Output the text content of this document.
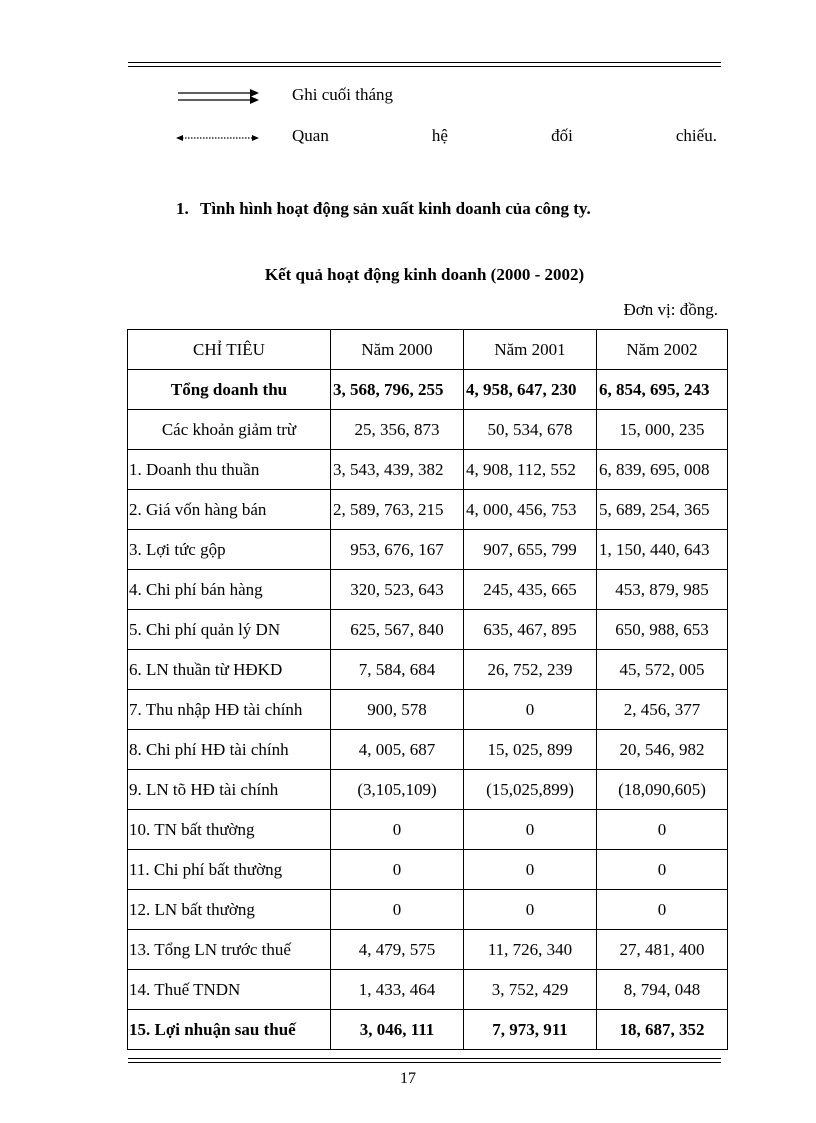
Ghi cuối tháng
Quan	hệ	đối	chiếu.
1. Tình hình hoạt động sản xuất kinh doanh của công ty.
Kết quả hoạt động kinh doanh (2000 - 2002)
Đơn vị: đồng.
CHỈ TIÊU	Năm 2000	Năm 2001	Năm 2002
Tổng doanh thu	3, 568, 796, 255	4, 958, 647, 230	6, 854, 695, 243
Các khoản giảm trừ	25, 356, 873	50, 534, 678	15, 000, 235
1. Doanh thu thuần	3, 543, 439, 382	4, 908, 112, 552	6, 839, 695, 008
2. Giá vốn hàng bán	2, 589, 763, 215	4, 000, 456, 753	5, 689, 254, 365
3. Lợi tức gộp	953, 676, 167	907, 655, 799	1, 150, 440, 643
4. Chi phí bán hàng	320, 523, 643	245, 435, 665	453, 879, 985
5. Chi phí quản lý DN	625, 567, 840	635, 467, 895	650, 988, 653
6. LN thuần từ HĐKD	7, 584, 684	26, 752, 239	45, 572, 005
7. Thu nhập HĐ tài chính	900, 578	0	2, 456, 377
8. Chi phí HĐ tài chính	4, 005, 687	15, 025, 899	20, 546, 982
9. LN tõ HĐ tài chính	(3,105,109)	(15,025,899)	(18,090,605)
10. TN bất thường	0	0	0
11. Chi phí bất thường	0	0	0
12. LN bất thường	0	0	0
13. Tổng LN trước thuế	4, 479, 575	11, 726, 340	27, 481, 400
14. Thuế TNDN	1, 433, 464	3, 752, 429	8, 794, 048
15. Lợi nhuận sau thuế	3, 046, 111	7, 973, 911	18, 687, 352
17
